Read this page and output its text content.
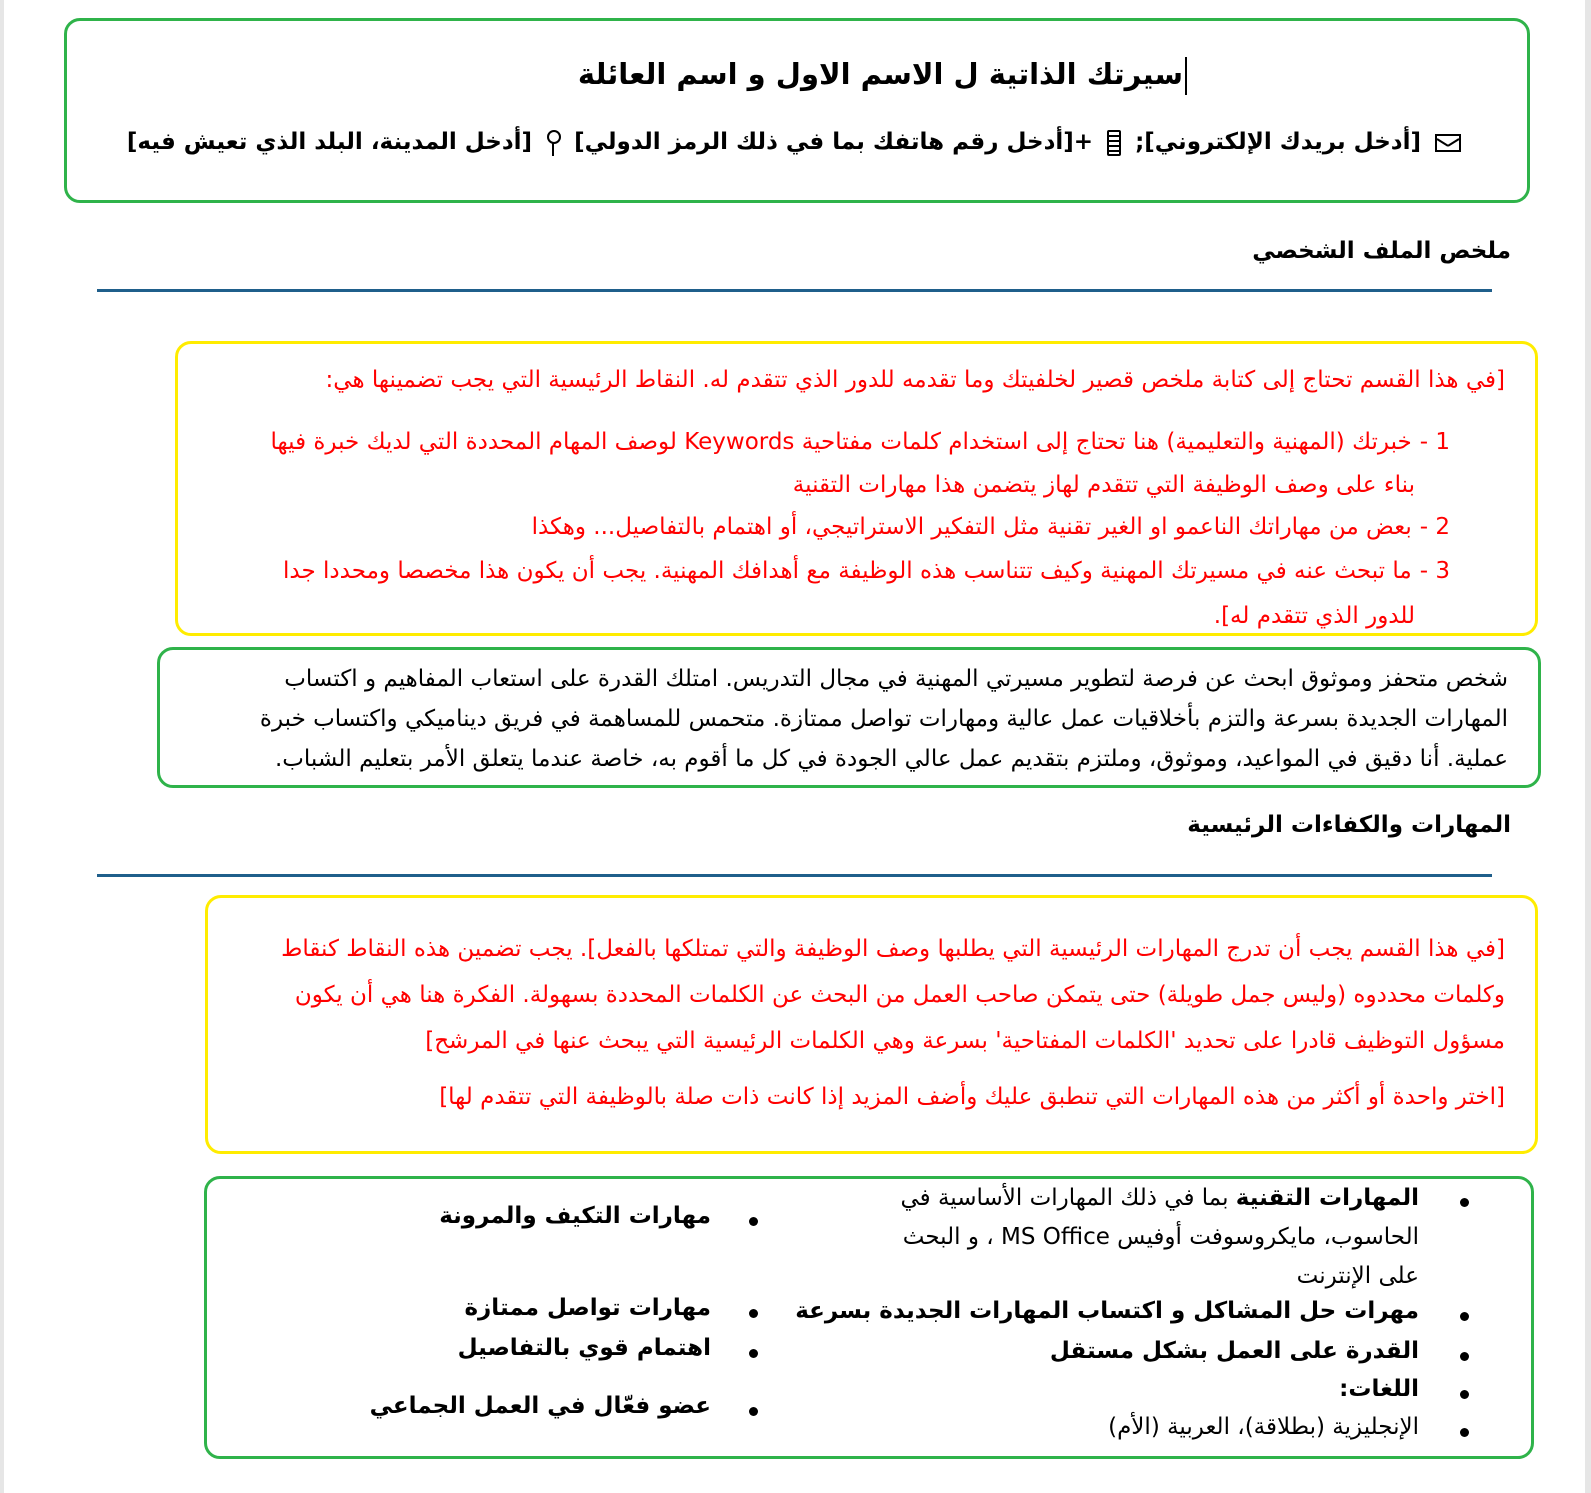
سيرتك الذاتية ل الاسم الاول و اسم العائلة
[أدخل بريدك الإلكتروني];  +[أدخل رقم هاتفك بما في ذلك الرمز الدولي]  [أدخل المدينة، البلد الذي تعيش فيه]
ملخص الملف الشخصي
[في هذا القسم تحتاج إلى كتابة ملخص قصير لخلفيتك وما تقدمه للدور الذي تتقدم له. النقاط الرئيسية التي يجب تضمينها هي:
1 -خبرتك (المهنية والتعليمية) هنا تحتاج إلى استخدام كلمات مفتاحية Keywords لوصف المهام المحددة التي لديك خبرة فيها
بناء على وصف الوظيفة التي تتقدم لهاز يتضمن هذا مهارات التقنية
2 -بعض من مهاراتك الناعمو او الغير تقنية مثل التفكير الاستراتيجي، أو اهتمام بالتفاصيل... وهكذا
3 -ما تبحث عنه في مسيرتك المهنية وكيف تتناسب هذه الوظيفة مع أهدافك المهنية. يجب أن يكون هذا مخصصا ومحددا جدا
للدور الذي تتقدم له].
شخص متحفز وموثوق ابحث عن فرصة لتطوير مسيرتي المهنية في مجال التدريس. امتلك القدرة على استعاب المفاهيم و اكتساب
المهارات الجديدة بسرعة والتزم بأخلاقيات عمل عالية ومهارات تواصل ممتازة. متحمس للمساهمة في فريق ديناميكي واكتساب خبرة
عملية. أنا دقيق في المواعيد، وموثوق، وملتزم بتقديم عمل عالي الجودة في كل ما أقوم به، خاصة عندما يتعلق الأمر بتعليم الشباب.
المهارات والكفاءات الرئيسية
[في هذا القسم يجب أن تدرج المهارات الرئيسية التي يطلبها وصف الوظيفة والتي تمتلكها بالفعل]. يجب تضمين هذه النقاط كنقاط
وكلمات محددوه (وليس جمل طويلة) حتى يتمكن صاحب العمل من البحث عن الكلمات المحددة بسهولة. الفكرة هنا هي أن يكون
مسؤول التوظيف قادرا على تحديد 'الكلمات المفتاحية' بسرعة وهي الكلمات الرئيسية التي يبحث عنها في المرشح]
[اختر واحدة أو أكثر من هذه المهارات التي تنطبق عليك وأضف المزيد إذا كانت ذات صلة بالوظيفة التي تتقدم لها]
المهارات التقنية بما في ذلك المهارات الأساسية في
الحاسوب، مايكروسوفت أوفيس MS Office ، و البحث
على الإنترنت
مهرات حل المشاكل و اكتساب المهارات الجديدة بسرعة
القدرة على العمل بشكل مستقل
اللغات:
الإنجليزية (بطلاقة)، العربية (الأم)
مهارات التكيف والمرونة
مهارات تواصل ممتازة
اهتمام قوي بالتفاصيل
عضو فعّال في العمل الجماعي
